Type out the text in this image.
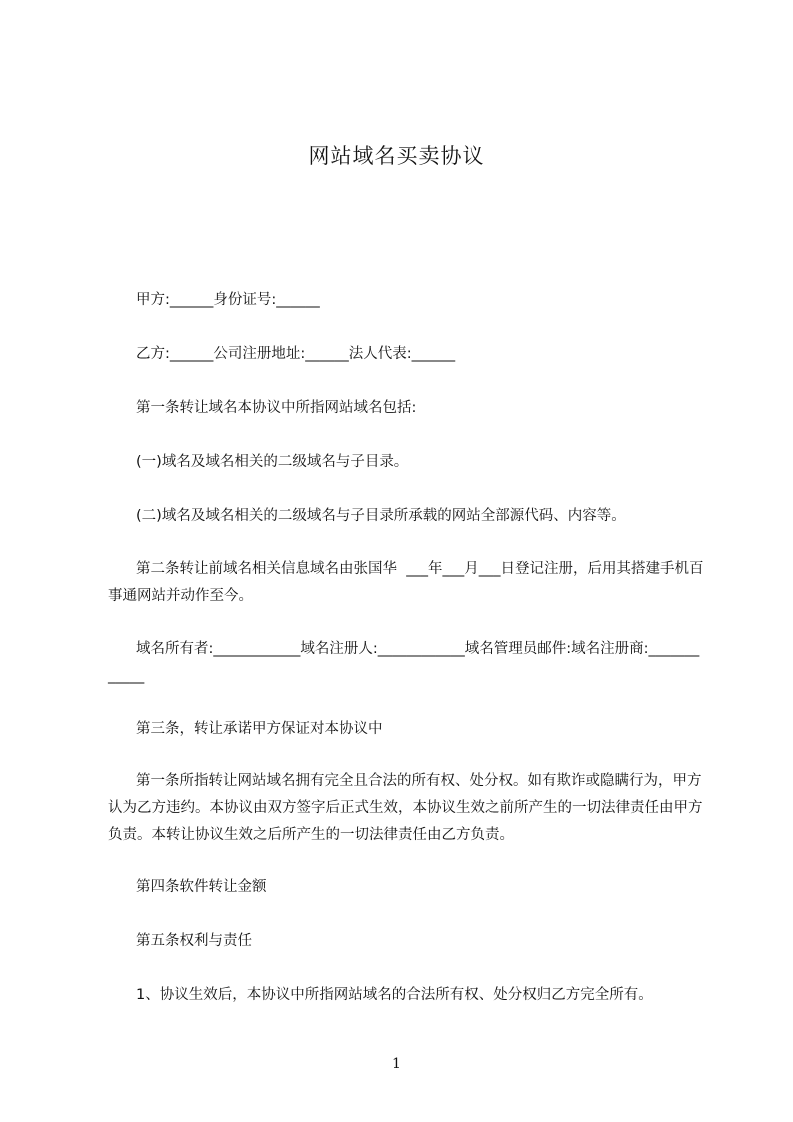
网站域名买卖协议
甲方:______身份证号:______
乙方:______公司注册地址:______法人代表:______
第一条转让域名本协议中所指网站域名包括:
(一)域名及域名相关的二级域名与子目录。
(二)域名及域名相关的二级域名与子目录所承载的网站全部源代码、内容等。
第二条转让前域名相关信息域名由张国华  ___年___月___日登记注册，后用其搭建手机百事通网站并动作至今。
域名所有者:____________域名注册人:____________域名管理员邮件:域名注册商:____________
第三条，转让承诺甲方保证对本协议中
第一条所指转让网站域名拥有完全且合法的所有权、处分权。如有欺诈或隐瞒行为，甲方认为乙方违约。本协议由双方签字后正式生效，本协议生效之前所产生的一切法律责任由甲方负责。本转让协议生效之后所产生的一切法律责任由乙方负责。
第四条软件转让金额
第五条权利与责任
1、协议生效后，本协议中所指网站域名的合法所有权、处分权归乙方完全所有。
1
